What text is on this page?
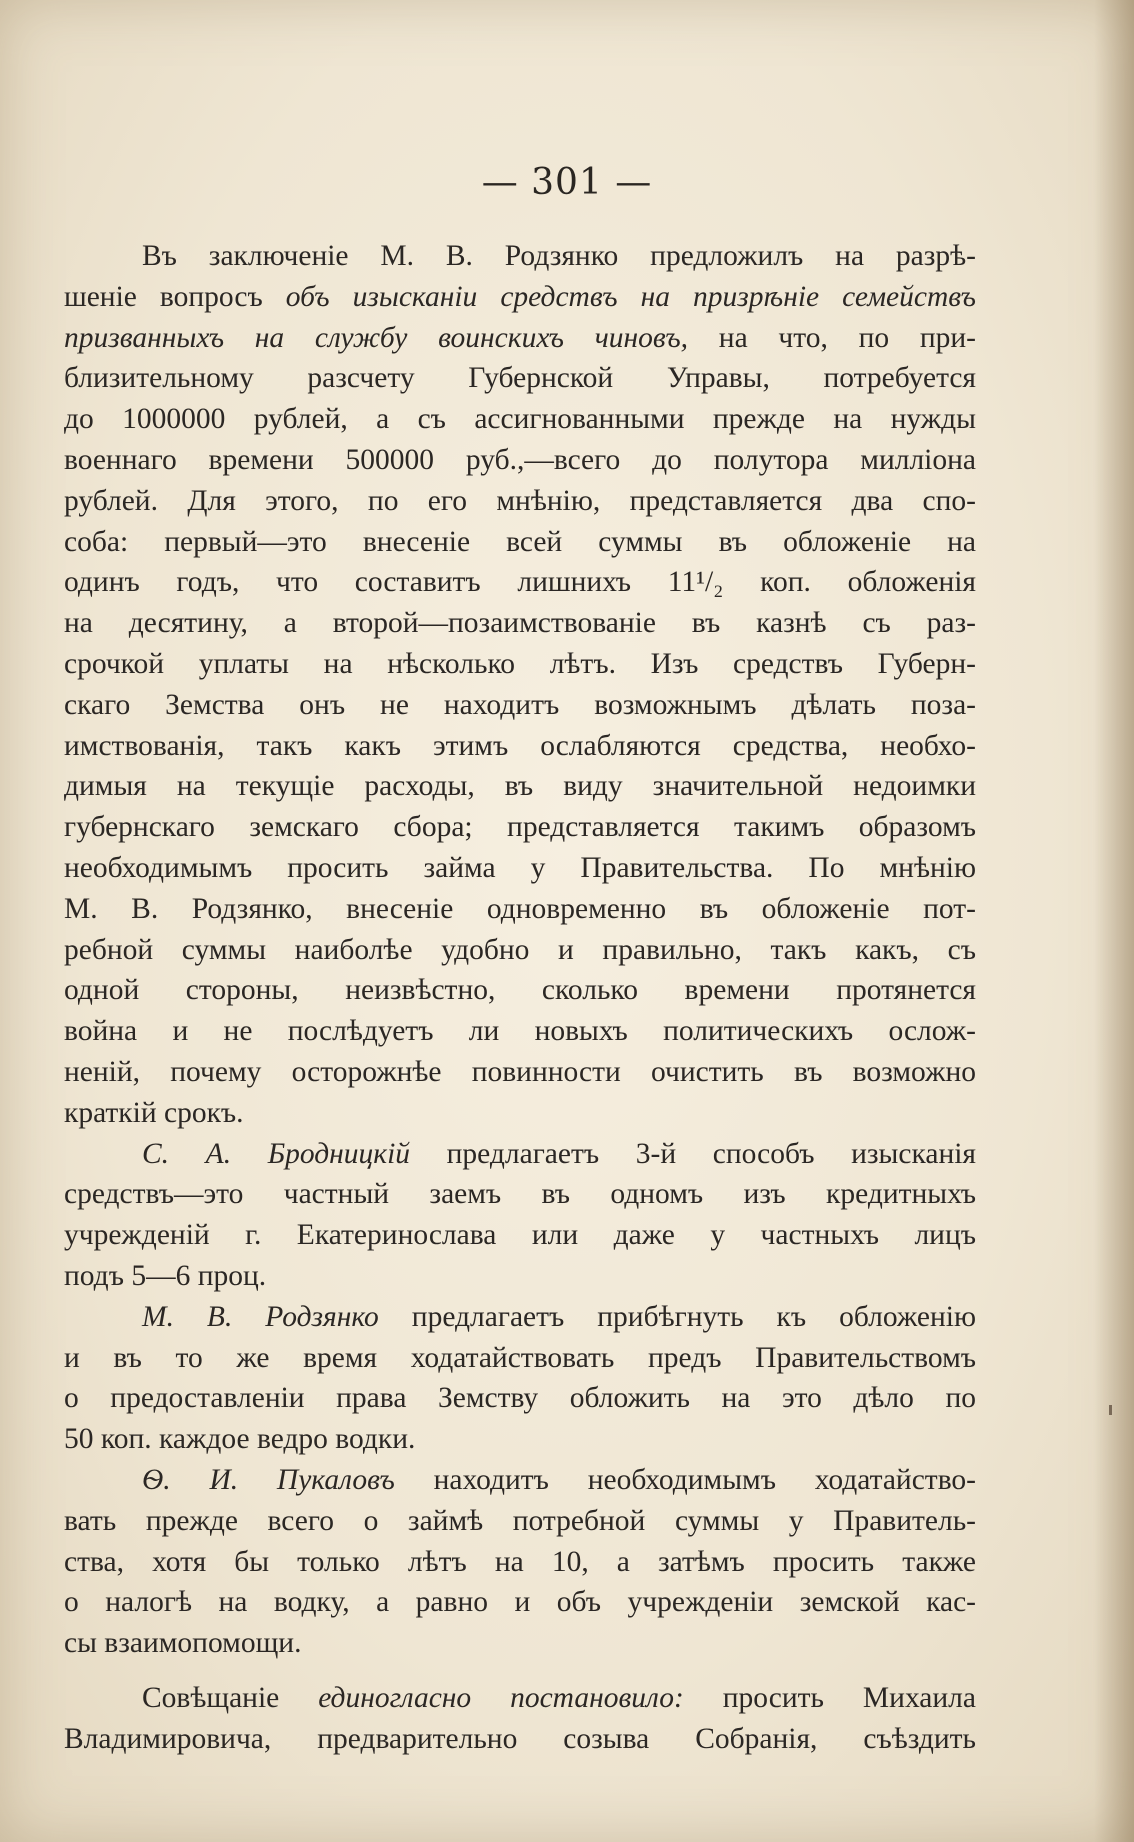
— 301 —
Въ заключеніе М. В. Родзянко предложилъ на разрѣ-
шеніе вопросъ объ изысканіи средствъ на призрѣніе семействъ
призванныхъ на службу воинскихъ чиновъ, на что, по при-
близительному разсчету Губернской Управы, потребуется
до 1000000 рублей, а съ ассигнованными прежде на нужды
военнаго времени 500000 руб.,—всего до полутора милліона
рублей. Для этого, по его мнѣнію, представляется два спо-
соба: первый—это внесеніе всей суммы въ обложеніе на
одинъ годъ, что составитъ лишнихъ 11¹/₂ коп. обложенія
на десятину, а второй—позаимствованіе въ казнѣ съ раз-
срочкой уплаты на нѣсколько лѣтъ. Изъ средствъ Губерн-
скаго Земства онъ не находитъ возможнымъ дѣлать поза-
имствованія, такъ какъ этимъ ослабляются средства, необхо-
димыя на текущіе расходы, въ виду значительной недоимки
губернскаго земскаго сбора; представляется такимъ образомъ
необходимымъ просить займа у Правительства. По мнѣнію
М. В. Родзянко, внесеніе одновременно въ обложеніе пот-
ребной суммы наиболѣе удобно и правильно, такъ какъ, съ
одной стороны, неизвѣстно, сколько времени протянется
война и не послѣдуетъ ли новыхъ политическихъ ослож-
неній, почему осторожнѣе повинности очистить въ возможно
краткій срокъ.
С. А. Бродницкій предлагаетъ 3-й способъ изысканія
средствъ—это частный заемъ въ одномъ изъ кредитныхъ
учрежденій г. Екатеринослава или даже у частныхъ лицъ
подъ 5—6 проц.
М. В. Родзянко предлагаетъ прибѣгнуть къ обложенію
и въ то же время ходатайствовать предъ Правительствомъ
о предоставленіи права Земству обложить на это дѣло по
50 коп. каждое ведро водки.
Ѳ. И. Пукаловъ находитъ необходимымъ ходатайство-
вать прежде всего о займѣ потребной суммы у Правитель-
ства, хотя бы только лѣтъ на 10, а затѣмъ просить также
о налогѣ на водку, а равно и объ учрежденіи земской кас-
сы взаимопомощи.
Совѣщаніе единогласно постановило: просить Михаила
Владимировича, предварительно созыва Собранія, съѣздить
